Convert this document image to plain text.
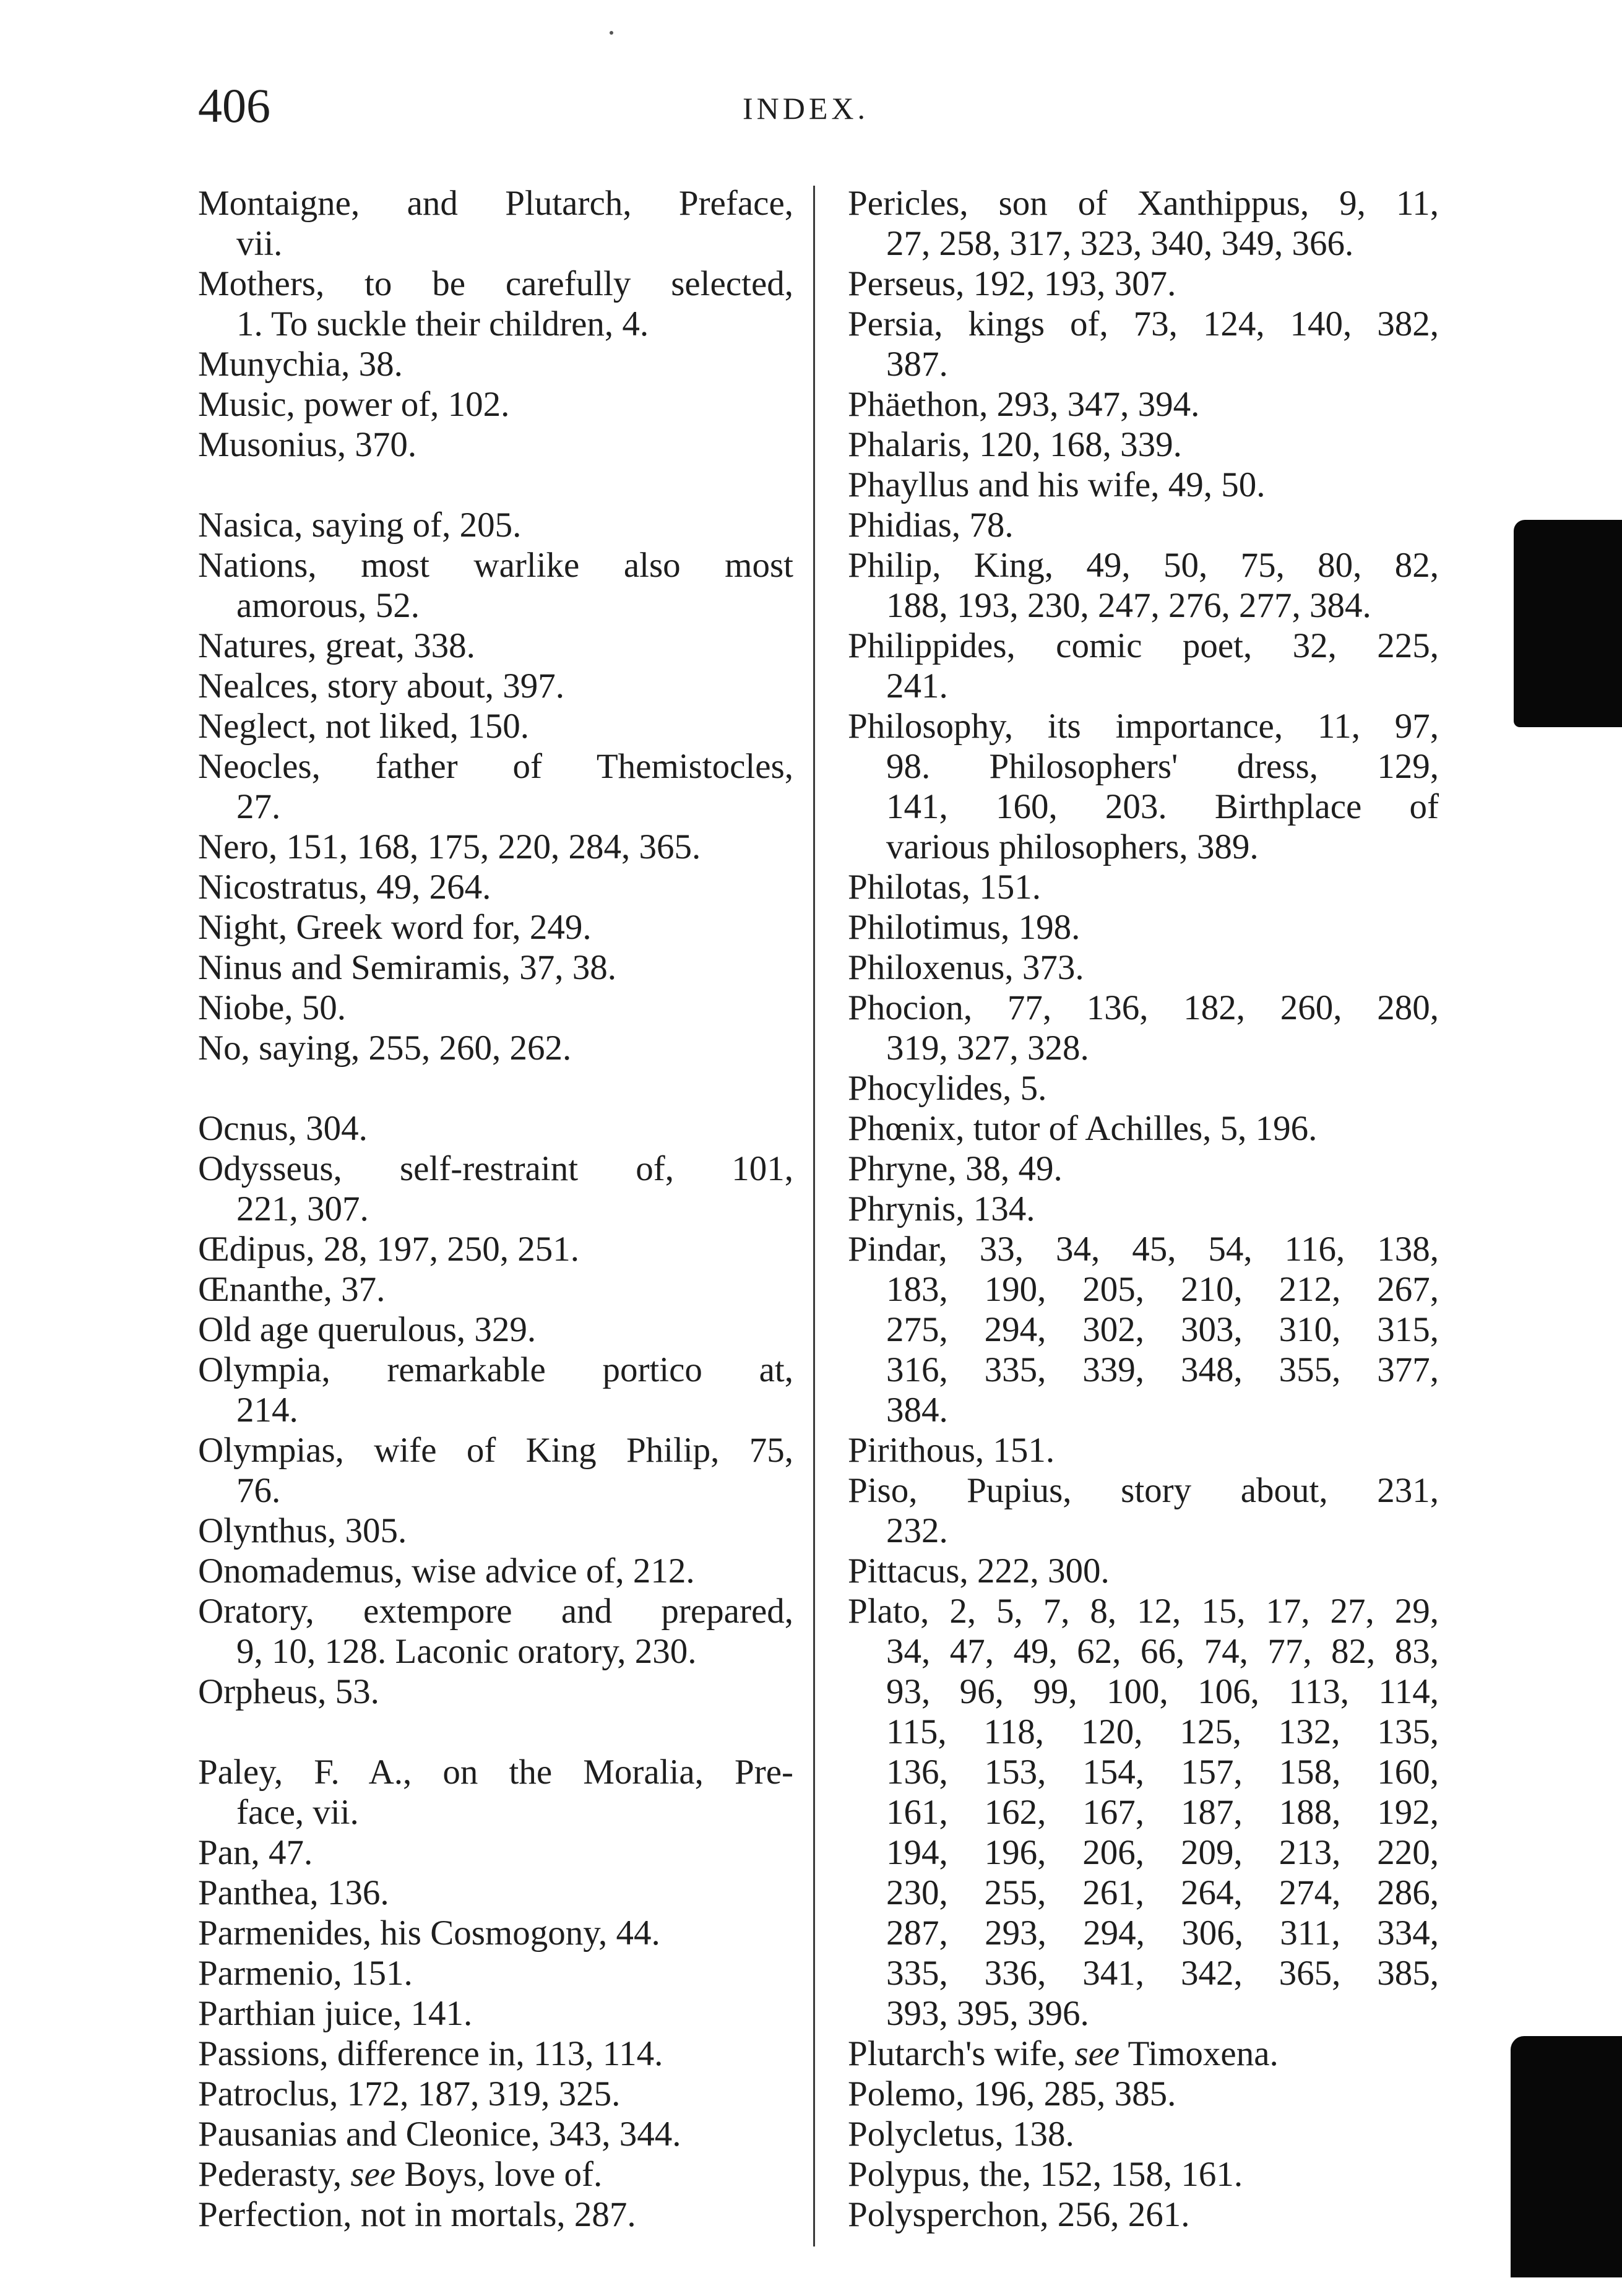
406	INDEX.
Montaigne, and Plutarch, Preface,
vii.
Mothers, to be carefully selected,
1. To suckle their children, 4.
Munychia, 38.
Music, power of, 102.
Musonius, 370.
Nasica, saying of, 205.
Nations, most warlike also most
amorous, 52.
Natures, great, 338.
Nealces, story about, 397.
Neglect, not liked, 150.
Neocles, father of Themistocles,
27.
Nero, 151, 168, 175, 220, 284, 365.
Nicostratus, 49, 264.
Night, Greek word for, 249.
Ninus and Semiramis, 37, 38.
Niobe, 50.
No, saying, 255, 260, 262.
Ocnus, 304.
Odysseus, self-restraint of, 101,
221, 307.
Œdipus, 28, 197, 250, 251.
Œnanthe, 37.
Old age querulous, 329.
Olympia, remarkable portico at,
214.
Olympias, wife of King Philip, 75,
76.
Olynthus, 305.
Onomademus, wise advice of, 212.
Oratory, extempore and prepared,
9, 10, 128. Laconic oratory, 230.
Orpheus, 53.
Paley, F. A., on the Moralia, Pre-
face, vii.
Pan, 47.
Panthea, 136.
Parmenides, his Cosmogony, 44.
Parmenio, 151.
Parthian juice, 141.
Passions, difference in, 113, 114.
Patroclus, 172, 187, 319, 325.
Pausanias and Cleonice, 343, 344.
Pederasty, see Boys, love of.
Perfection, not in mortals, 287.
Pericles, son of Xanthippus, 9, 11,
27, 258, 317, 323, 340, 349, 366.
Perseus, 192, 193, 307.
Persia, kings of, 73, 124, 140, 382,
387.
Phäethon, 293, 347, 394.
Phalaris, 120, 168, 339.
Phayllus and his wife, 49, 50.
Phidias, 78.
Philip, King, 49, 50, 75, 80, 82,
188, 193, 230, 247, 276, 277, 384.
Philippides, comic poet, 32, 225,
241.
Philosophy, its importance, 11, 97,
98. Philosophers' dress, 129,
141, 160, 203. Birthplace of
various philosophers, 389.
Philotas, 151.
Philotimus, 198.
Philoxenus, 373.
Phocion, 77, 136, 182, 260, 280,
319, 327, 328.
Phocylides, 5.
Phœnix, tutor of Achilles, 5, 196.
Phryne, 38, 49.
Phrynis, 134.
Pindar, 33, 34, 45, 54, 116, 138,
183, 190, 205, 210, 212, 267,
275, 294, 302, 303, 310, 315,
316, 335, 339, 348, 355, 377,
384.
Pirithous, 151.
Piso, Pupius, story about, 231,
232.
Pittacus, 222, 300.
Plato, 2, 5, 7, 8, 12, 15, 17, 27, 29,
34, 47, 49, 62, 66, 74, 77, 82, 83,
93, 96, 99, 100, 106, 113, 114,
115, 118, 120, 125, 132, 135,
136, 153, 154, 157, 158, 160,
161, 162, 167, 187, 188, 192,
194, 196, 206, 209, 213, 220,
230, 255, 261, 264, 274, 286,
287, 293, 294, 306, 311, 334,
335, 336, 341, 342, 365, 385,
393, 395, 396.
Plutarch's wife, see Timoxena.
Polemo, 196, 285, 385.
Polycletus, 138.
Polypus, the, 152, 158, 161.
Polysperchon, 256, 261.
